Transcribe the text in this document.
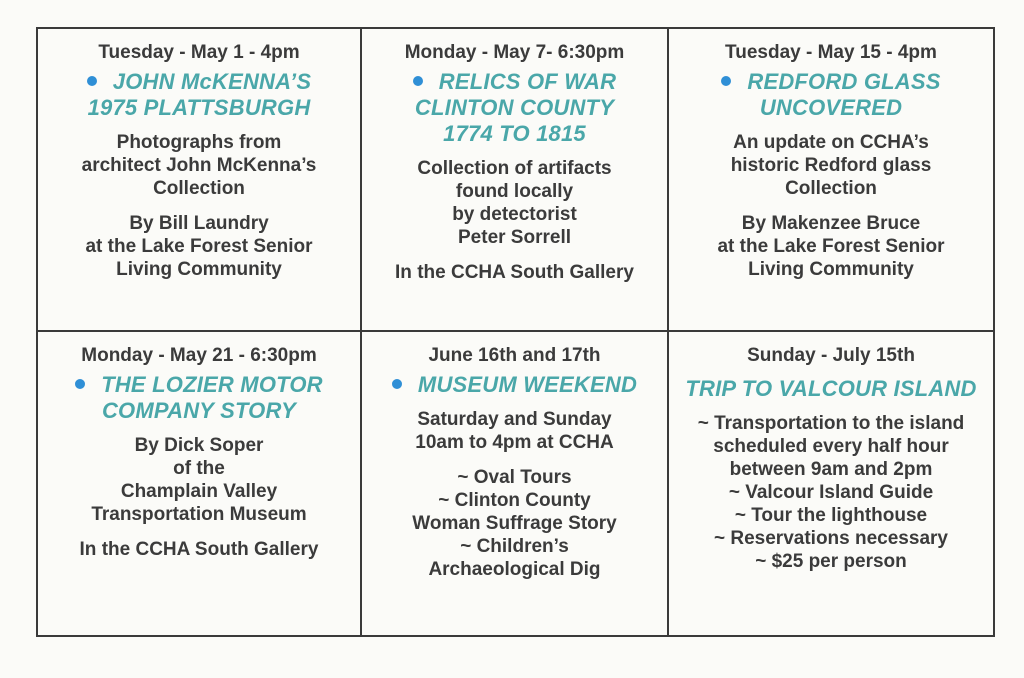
Tuesday - May 1 - 4pm
JOHN McKENNA’S
1975 PLATTSBURGH
Photographs from
architect John McKenna’s
Collection
By Bill Laundry
at the Lake Forest Senior
Living Community
Monday - May 7- 6:30pm
RELICS OF WAR
CLINTON COUNTY
1774 TO 1815
Collection of artifacts
found locally
by detectorist
Peter Sorrell
In the CCHA South Gallery
Tuesday - May 15 - 4pm
REDFORD GLASS
UNCOVERED
An update on CCHA’s
historic Redford glass
Collection
By Makenzee Bruce
at the Lake Forest Senior
Living Community
Monday - May 21 - 6:30pm
THE LOZIER MOTOR
COMPANY STORY
By Dick Soper
of the
Champlain Valley
Transportation Museum
In the CCHA South Gallery
June 16th and 17th
MUSEUM WEEKEND
Saturday and Sunday
10am to 4pm at CCHA
~ Oval Tours
~ Clinton County
Woman Suffrage Story
~ Children’s
Archaeological Dig
Sunday - July 15th
TRIP TO VALCOUR ISLAND
~ Transportation to the island
scheduled every half hour
between 9am and 2pm
~ Valcour Island Guide
~ Tour the lighthouse
~ Reservations necessary
~ $25 per person
